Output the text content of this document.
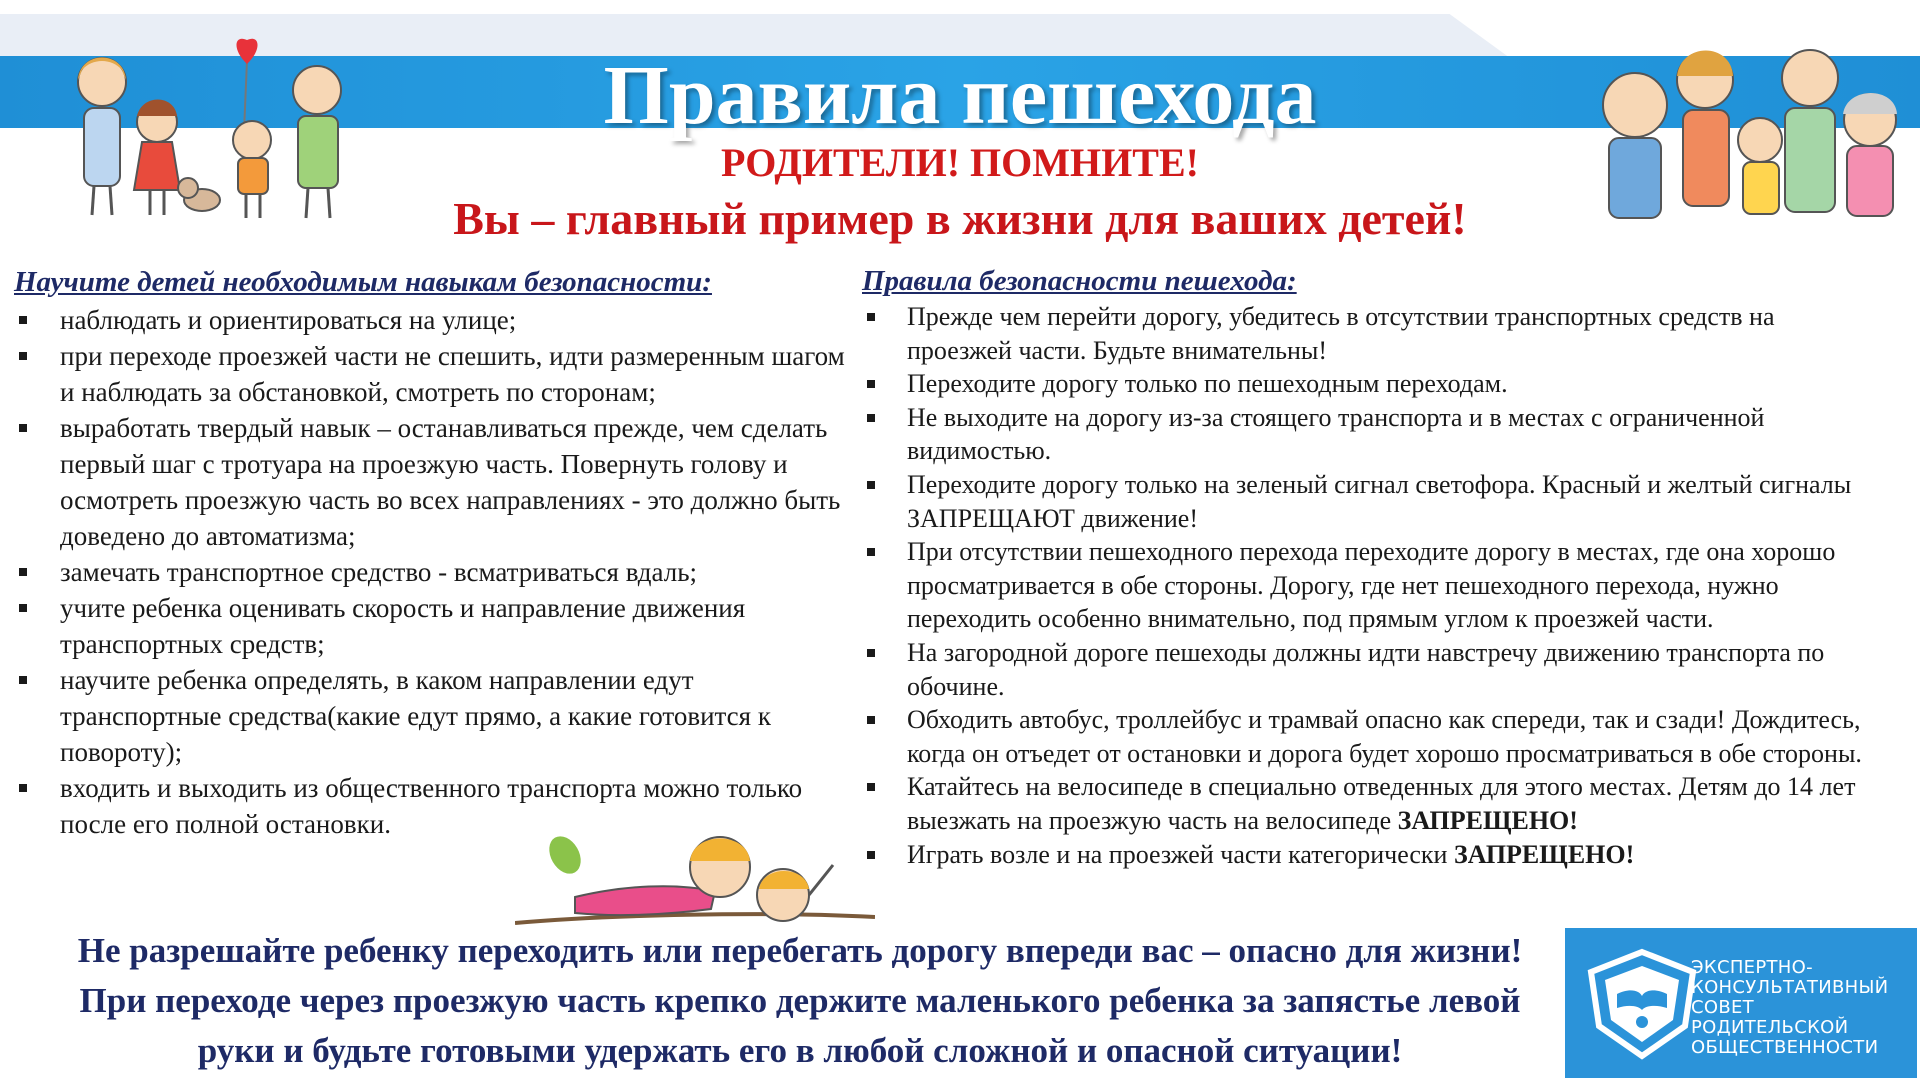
Правила пешехода
РОДИТЕЛИ! ПОМНИТЕ!
Вы – главный пример в жизни для ваших детей!
Научите детей необходимым навыкам безопасности:
наблюдать и ориентироваться на улице;
при переходе проезжей части не спешить, идти размеренным шагом и наблюдать за обстановкой, смотреть по сторонам;
выработать твердый навык – останавливаться прежде, чем сделать первый шаг с тротуара на проезжую часть. Повернуть голову и осмотреть проезжую часть во всех направлениях - это должно быть доведено до автоматизма;
замечать транспортное средство - всматриваться вдаль;
учите ребенка оценивать скорость и направление движения транспортных средств;
научите ребенка определять, в каком направлении едут транспортные средства(какие едут прямо, а какие готовится к повороту);
входить и выходить из общественного транспорта можно только после его полной остановки.
Правила безопасности пешехода:
Прежде чем перейти дорогу, убедитесь в отсутствии транспортных средств на проезжей части. Будьте внимательны!
Переходите дорогу только по пешеходным переходам.
Не выходите на дорогу из-за стоящего транспорта и в местах с ограниченной видимостью.
Переходите дорогу только на зеленый сигнал светофора. Красный и желтый сигналы ЗАПРЕЩАЮТ движение!
При отсутствии пешеходного перехода переходите дорогу в местах, где она хорошо просматривается в обе стороны. Дорогу, где нет пешеходного перехода, нужно переходить особенно внимательно, под прямым углом к проезжей части.
На загородной дороге пешеходы должны идти навстречу движению транспорта по обочине.
Обходить автобус, троллейбус и трамвай опасно как спереди, так и сзади! Дождитесь, когда он отъедет от остановки и дорога будет хорошо просматриваться в обе стороны.
Катайтесь на велосипеде в специально отведенных для этого местах. Детям до 14 лет выезжать на проезжую часть на велосипеде ЗАПРЕЩЕНО!
Играть возле и на проезжей части категорически ЗАПРЕЩЕНО!

Не разрешайте ребенку переходить или перебегать дорогу впереди вас – опасно для жизни!

При переходе через проезжую часть крепко держите маленького ребенка за запястье левой

руки и будьте готовыми удержать его в любой сложной и опасной ситуации!

ЭКСПЕРТНО-
КОНСУЛЬТАТИВНЫЙ
СОВЕТ
РОДИТЕЛЬСКОЙ
ОБЩЕСТВЕННОСТИ
